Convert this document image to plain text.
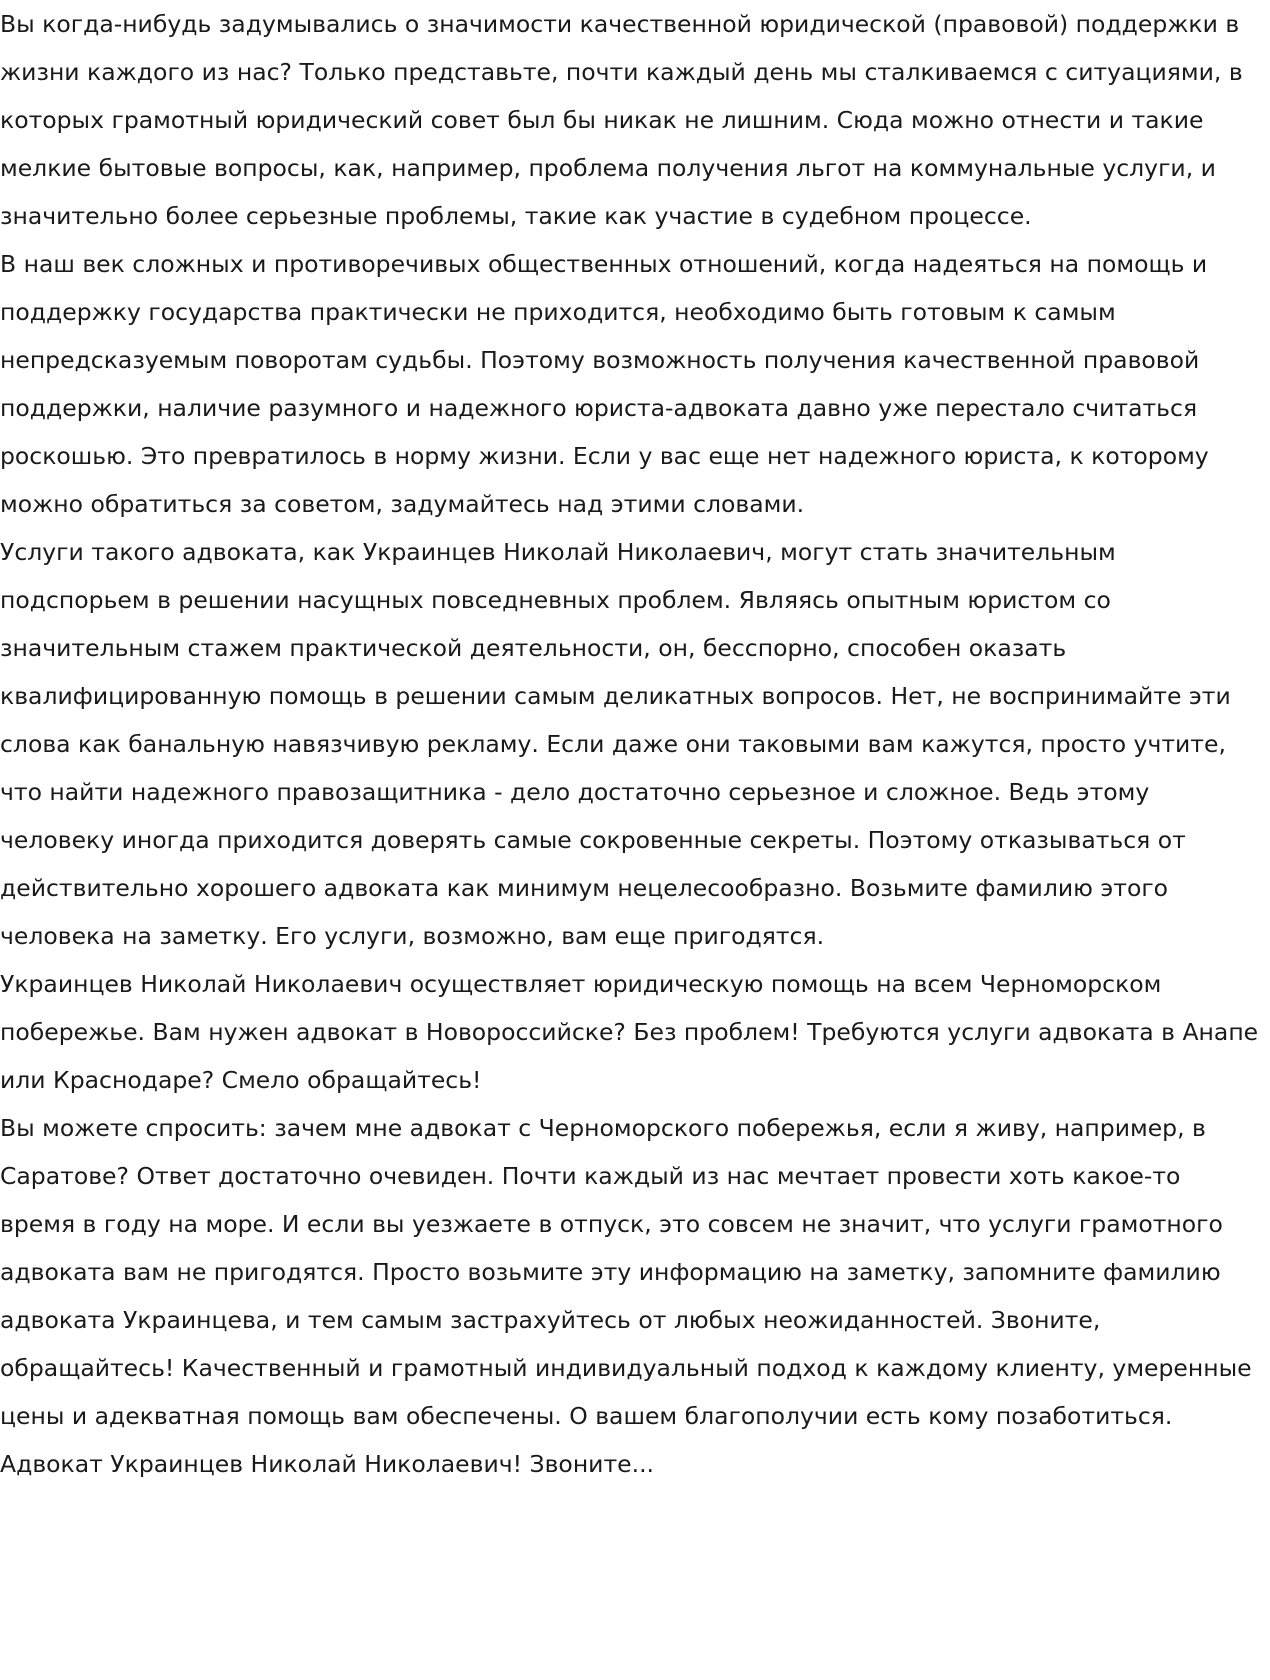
Вы когда-нибудь задумывались о значимости качественной юридической (правовой) поддержки в жизни каждого из нас? Только представьте, почти каждый день мы сталкиваемся с ситуациями, в которых грамотный юридический совет был бы никак не лишним. Сюда можно отнести и такие мелкие бытовые вопросы, как, например, проблема получения льгот на коммунальные услуги, и значительно более серьезные проблемы, такие как участие в судебном процессе.

В наш век сложных и противоречивых общественных отношений, когда надеяться на помощь и поддержку государства практически не приходится, необходимо быть готовым к самым непредсказуемым поворотам судьбы. Поэтому возможность получения качественной правовой поддержки, наличие разумного и надежного юриста-адвоката давно уже перестало считаться роскошью. Это превратилось в норму жизни. Если у вас еще нет надежного юриста, к которому можно обратиться за советом, задумайтесь над этими словами.

Услуги такого адвоката, как Украинцев Николай Николаевич, могут стать значительным подспорьем в решении насущных повседневных проблем. Являясь опытным юристом со значительным стажем практической деятельности, он, бесспорно, способен оказать квалифицированную помощь в решении самым деликатных вопросов. Нет, не воспринимайте эти слова как банальную навязчивую рекламу. Если даже они таковыми вам кажутся, просто учтите, что найти надежного правозащитника - дело достаточно серьезное и сложное. Ведь этому человеку иногда приходится доверять самые сокровенные секреты. Поэтому отказываться от действительно хорошего адвоката как минимум нецелесообразно. Возьмите фамилию этого человека на заметку. Его услуги, возможно, вам еще пригодятся.

Украинцев Николай Николаевич осуществляет юридическую помощь на всем Черноморском побережье. Вам нужен адвокат в Новороссийске? Без проблем! Требуются услуги адвоката в Анапе или Краснодаре? Смело обращайтесь!

Вы можете спросить: зачем мне адвокат с Черноморского побережья, если я живу, например, в Саратове? Ответ достаточно очевиден. Почти каждый из нас мечтает провести хоть какое-то время в году на море. И если вы уезжаете в отпуск, это совсем не значит, что услуги грамотного адвоката вам не пригодятся. Просто возьмите эту информацию на заметку, запомните фамилию адвоката Украинцева, и тем самым застрахуйтесь от любых неожиданностей. Звоните, обращайтесь! Качественный и грамотный индивидуальный подход к каждому клиенту, умеренные цены и адекватная помощь вам обеспечены. О вашем благополучии есть кому позаботиться. Адвокат Украинцев Николай Николаевич! Звоните...
